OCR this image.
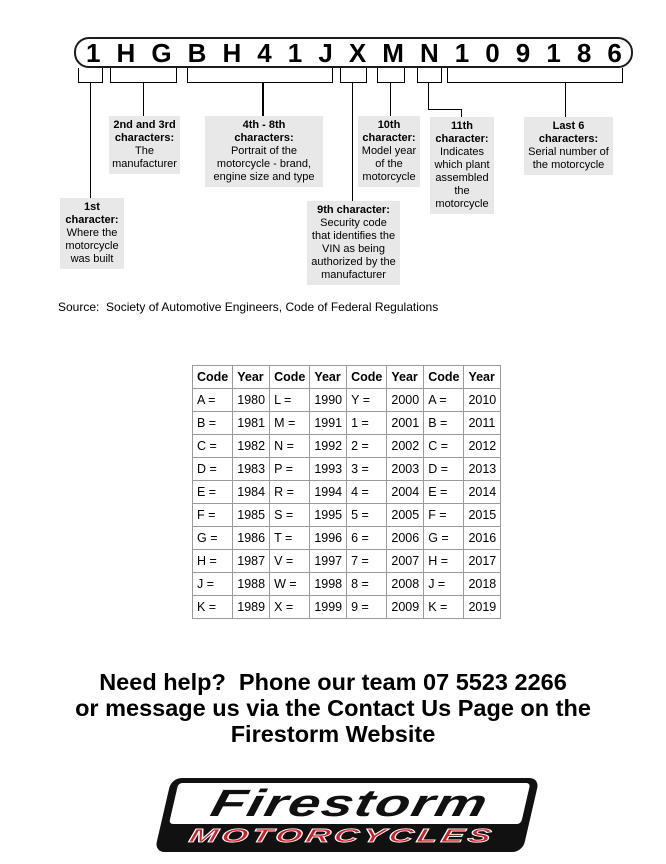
1 H G B H 4 1 J X M N 1 0 9 1 8 6
1st
character:
Where the
motorcycle
was built
2nd and 3rd
characters:
The
manufacturer
4th - 8th
characters:
Portrait of the
motorcycle - brand,
engine size and type
9th character:
Security code
that identifies the
VIN as being
authorized by the
manufacturer
10th
character:
Model year
of the
motorcycle
11th
character:
Indicates
which plant
assembled
the
motorcycle
Last 6
characters:
Serial number of
the motorcycle
Source:  Society of Automotive Engineers, Code of Federal Regulations
Code	Year	Code	Year	Code	Year	Code	Year
A =	1980	L =	1990	Y =	2000	A =	2010
B =	1981	M =	1991	1 =	2001	B =	2011
C =	1982	N =	1992	2 =	2002	C =	2012
D =	1983	P =	1993	3 =	2003	D =	2013
E =	1984	R =	1994	4 =	2004	E =	2014
F =	1985	S =	1995	5 =	2005	F =	2015
G =	1986	T =	1996	6 =	2006	G =	2016
H =	1987	V =	1997	7 =	2007	H =	2017
J =	1988	W =	1998	8 =	2008	J =	2018
K =	1989	X =	1999	9 =	2009	K =	2019
Need help?  Phone our team 07 5523 2266
or message us via the Contact Us Page on the
Firestorm Website
Firestorm
MOTORCYCLES
